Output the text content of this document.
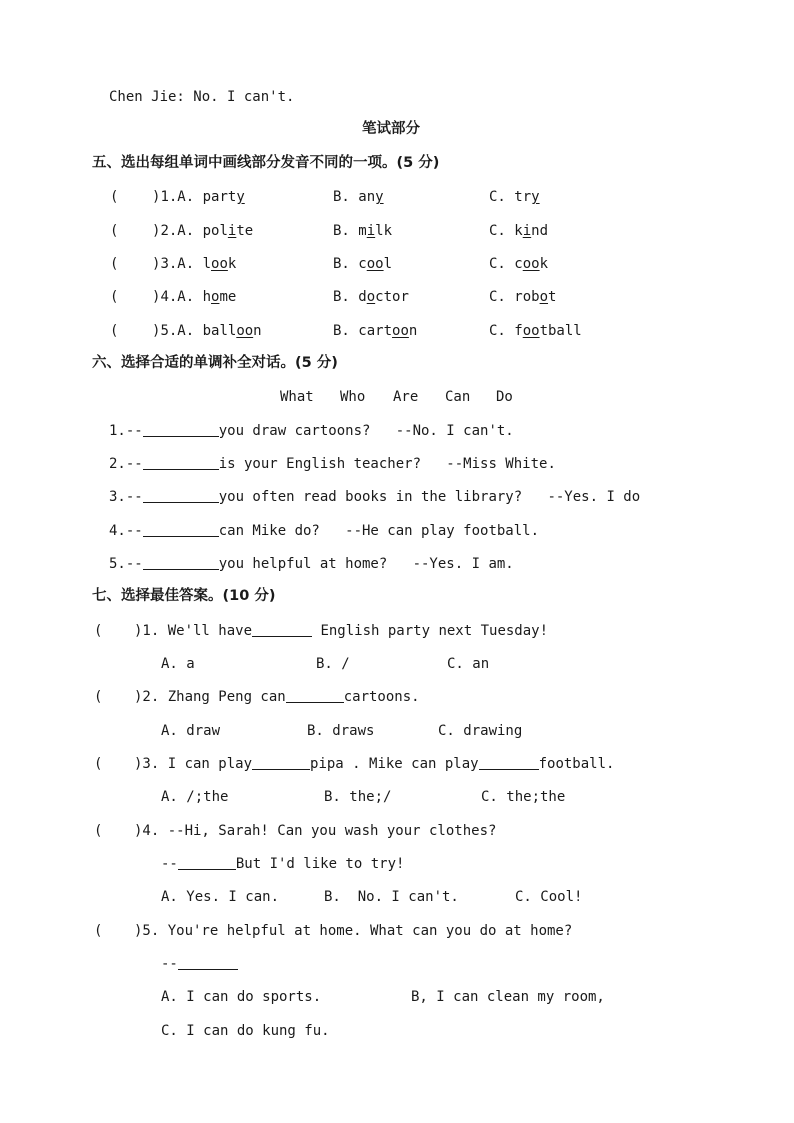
Chen Jie: No. I can't.
笔试部分
五、选出每组单词中画线部分发音不同的一项。(5 分)
( )1.A. party	B. any	C. try
( )2.A. polite	B. milk	C. kind
( )3.A. look	B. cool	C. cook
( )4.A. home	B. doctor	C. robot
( )5.A. balloon	B. cartoon	C. football
六、选择合适的单调补全对话。(5 分)
What Who Are Can Do
1.--	you draw cartoons?   --No. I can't.
2.--	is your English teacher?   --Miss White.
3.--	you often read books in the library?   --Yes. I do
4.--	can Mike do?   --He can play football.
5.--	you helpful at home?   --Yes. I am.
七、选择最佳答案。(10 分)
( )1. We'll have	English party next Tuesday!
A. a	B. /	C. an
( )2. Zhang Peng can	cartoons.
A. draw	B. draws	C. drawing
( )3. I can play	pipa . Mike can play	football.
A. /;the	B. the;/	C. the;the
( )4. --Hi, Sarah! Can you wash your clothes?
--	But I'd like to try!
A. Yes. I can.	B.  No. I can't.	C. Cool!
( )5. You're helpful at home. What can you do at home?
--
A. I can do sports.	B, I can clean my room,
C. I can do kung fu.
